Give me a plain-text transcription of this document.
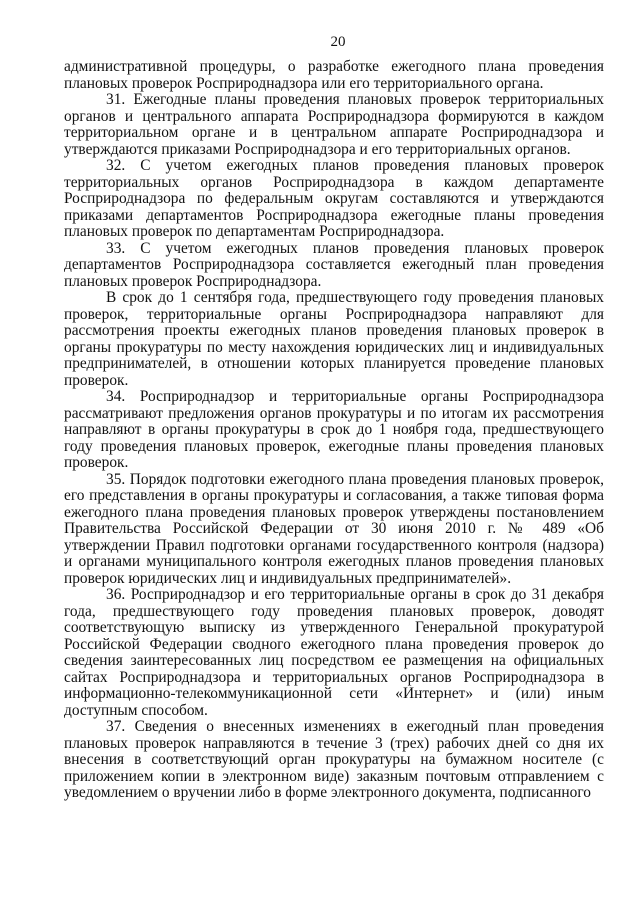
20

административной процедуры, о разработке ежегодного плана проведения плановых проверок Росприроднадзора или его территориального органа.

31. Ежегодные планы проведения плановых проверок территориальных органов и центрального аппарата Росприроднадзора формируются в каждом территориальном органе и в центральном аппарате Росприроднадзора и утверждаются приказами Росприроднадзора и его территориальных органов.

32. С учетом ежегодных планов проведения плановых проверок территориальных органов Росприроднадзора в каждом департаменте Росприроднадзора по федеральным округам составляются и утверждаются приказами департаментов Росприроднадзора ежегодные планы проведения плановых проверок по департаментам Росприроднадзора.

33. С учетом ежегодных планов проведения плановых проверок департаментов Росприроднадзора составляется ежегодный план проведения плановых проверок Росприроднадзора.

В срок до 1 сентября года, предшествующего году проведения плановых проверок, территориальные органы Росприроднадзора направляют для рассмотрения проекты ежегодных планов проведения плановых проверок в органы прокуратуры по месту нахождения юридических лиц и индивидуальных предпринимателей, в отношении которых планируется проведение плановых проверок.

34. Росприроднадзор и территориальные органы Росприроднадзора рассматривают предложения органов прокуратуры и по итогам их рассмотрения направляют в органы прокуратуры в срок до 1 ноября года, предшествующего году проведения плановых проверок, ежегодные планы проведения плановых проверок.

35. Порядок подготовки ежегодного плана проведения плановых проверок, его представления в органы прокуратуры и согласования, а также типовая форма ежегодного плана проведения плановых проверок утверждены постановлением Правительства Российской Федерации от 30 июня 2010 г. № 489 «Об утверждении Правил подготовки органами государственного контроля (надзора) и органами муниципального контроля ежегодных планов проведения плановых проверок юридических лиц и индивидуальных предпринимателей».

36. Росприроднадзор и его территориальные органы в срок до 31 декабря года, предшествующего году проведения плановых проверок, доводят соответствующую выписку из утвержденного Генеральной прокуратурой Российской Федерации сводного ежегодного плана проведения проверок до сведения заинтересованных лиц посредством ее размещения на официальных сайтах Росприроднадзора и территориальных органов Росприроднадзора в информационно-телекоммуникационной сети «Интернет» и (или) иным доступным способом.

37. Сведения о внесенных изменениях в ежегодный план проведения плановых проверок направляются в течение 3 (трех) рабочих дней со дня их внесения в соответствующий орган прокуратуры на бумажном носителе (с приложением копии в электронном виде) заказным почтовым отправлением с уведомлением о вручении либо в форме электронного документа, подписанного
